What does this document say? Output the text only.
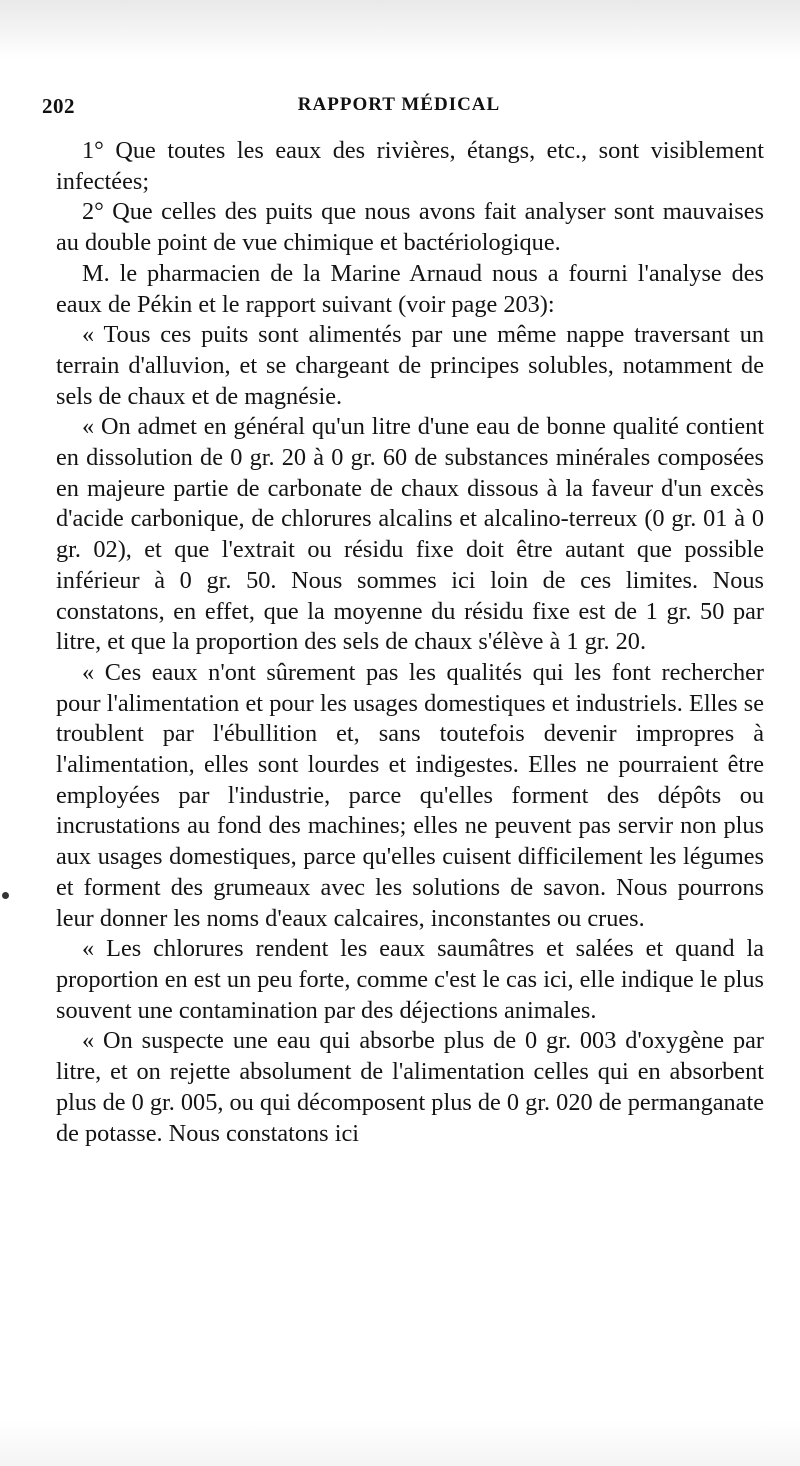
202	RAPPORT MÉDICAL

1° Que toutes les eaux des rivières, étangs, etc., sont visiblement infectées;

2° Que celles des puits que nous avons fait analyser sont mauvaises au double point de vue chimique et bactériologique.

M. le pharmacien de la Marine Arnaud nous a fourni l'analyse des eaux de Pékin et le rapport suivant (voir page 203):

« Tous ces puits sont alimentés par une même nappe traversant un terrain d'alluvion, et se chargeant de principes solubles, notamment de sels de chaux et de magnésie.

« On admet en général qu'un litre d'une eau de bonne qualité contient en dissolution de 0 gr. 20 à 0 gr. 60 de substances minérales composées en majeure partie de carbonate de chaux dissous à la faveur d'un excès d'acide carbonique, de chlorures alcalins et alcalino-terreux (0 gr. 01 à 0 gr. 02), et que l'extrait ou résidu fixe doit être autant que possible inférieur à 0 gr. 50. Nous sommes ici loin de ces limites. Nous constatons, en effet, que la moyenne du résidu fixe est de 1 gr. 50 par litre, et que la proportion des sels de chaux s'élève à 1 gr. 20.

« Ces eaux n'ont sûrement pas les qualités qui les font rechercher pour l'alimentation et pour les usages domestiques et industriels. Elles se troublent par l'ébullition et, sans toutefois devenir impropres à l'alimentation, elles sont lourdes et indigestes. Elles ne pourraient être employées par l'industrie, parce qu'elles forment des dépôts ou incrustations au fond des machines; elles ne peuvent pas servir non plus aux usages domestiques, parce qu'elles cuisent difficilement les légumes et forment des grumeaux avec les solutions de savon. Nous pourrons leur donner les noms d'eaux calcaires, inconstantes ou crues.

« Les chlorures rendent les eaux saumâtres et salées et quand la proportion en est un peu forte, comme c'est le cas ici, elle indique le plus souvent une contamination par des déjections animales.

« On suspecte une eau qui absorbe plus de 0 gr. 003 d'oxygène par litre, et on rejette absolument de l'alimentation celles qui en absorbent plus de 0 gr. 005, ou qui décomposent plus de 0 gr. 020 de permanganate de potasse. Nous constatons ici
